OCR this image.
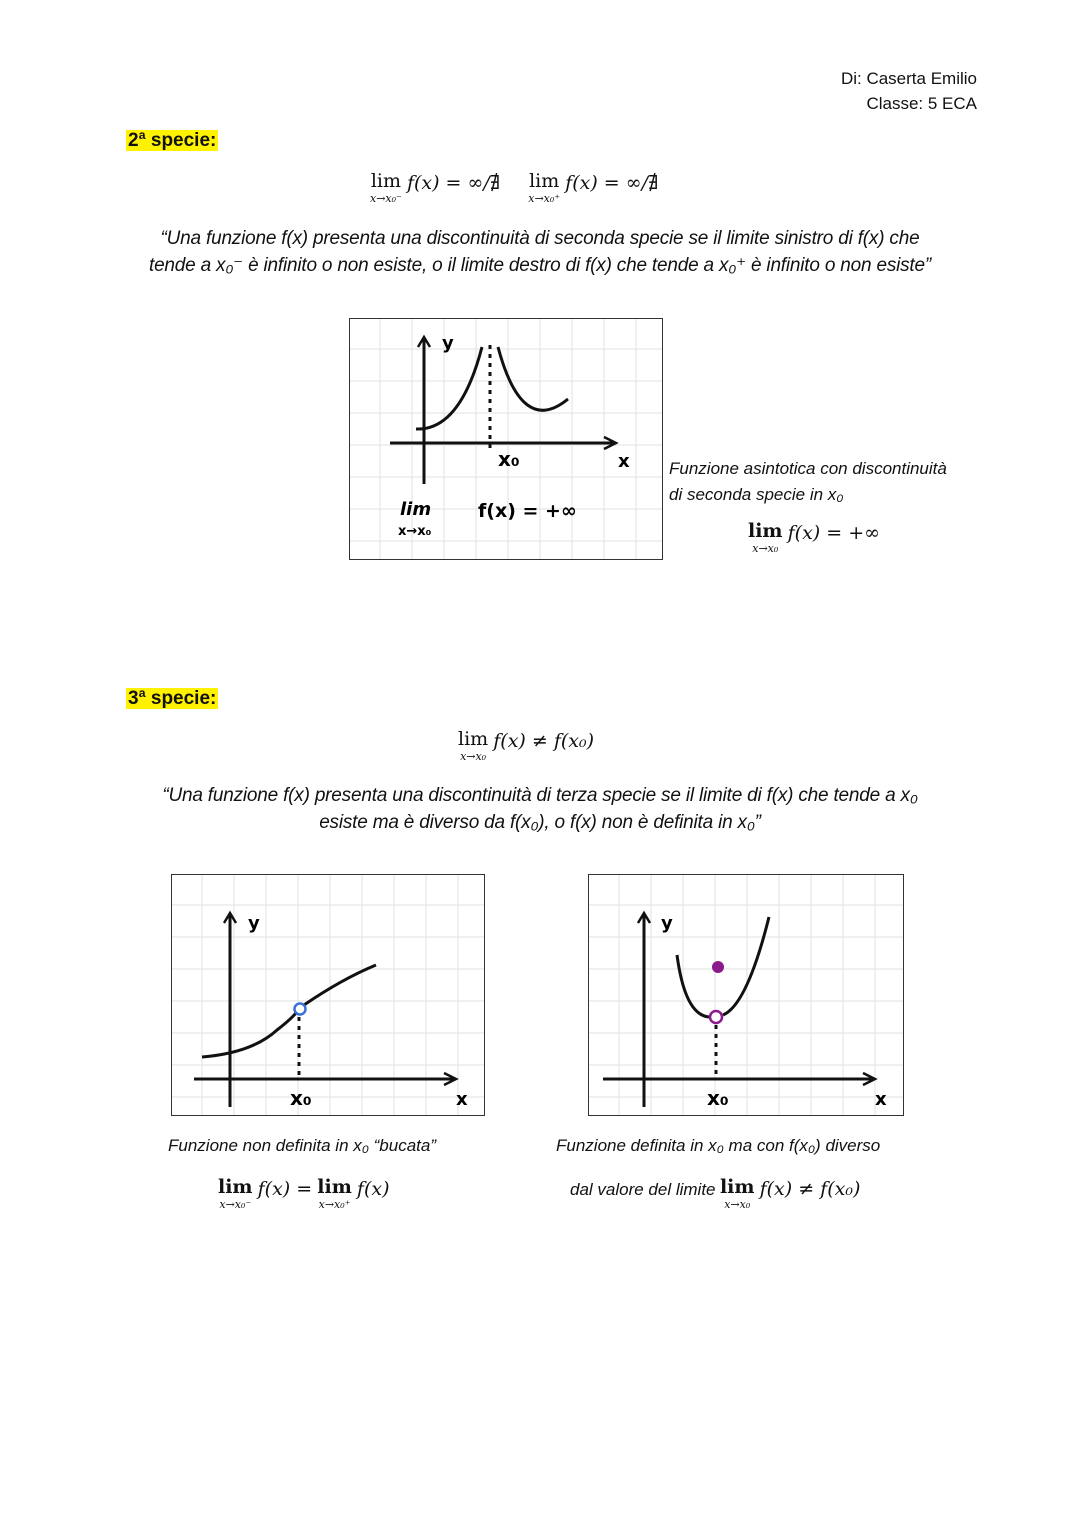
Di: Caserta Emilio
Classe: 5 ECA
2ª specie:
lim
x→x₀⁻
f(x) = ∞/∄ lim
x→x₀⁺
f(x) = ∞/∄
“Una funzione f(x) presenta una discontinuità di seconda specie se il limite sinistro di f(x) che
tende a x₀⁻ è infinito o non esiste, o il limite destro di f(x) che tende a x₀⁺ è infinito o non esiste”
y
x
x₀
lim
x→x₀
f(x) = +∞
Funzione asintotica con discontinuità
di seconda specie in x₀
lim
x→x₀
f(x) = +∞
3ª specie:
lim
x→x₀
f(x) ≠ f(x₀)
“Una funzione f(x) presenta una discontinuità di terza specie se il limite di f(x) che tende a x₀
esiste ma è diverso da f(x₀), o f(x) non è definita in x₀”
y
x
x₀
y
x
x₀
Funzione non definita in x₀ “bucata”
lim
x→x₀⁻
f(x) = lim
x→x₀⁺
f(x)
Funzione definita in x₀ ma con f(x₀) diverso
dal valore del limite lim
x→x₀
f(x) ≠ f(x₀)
